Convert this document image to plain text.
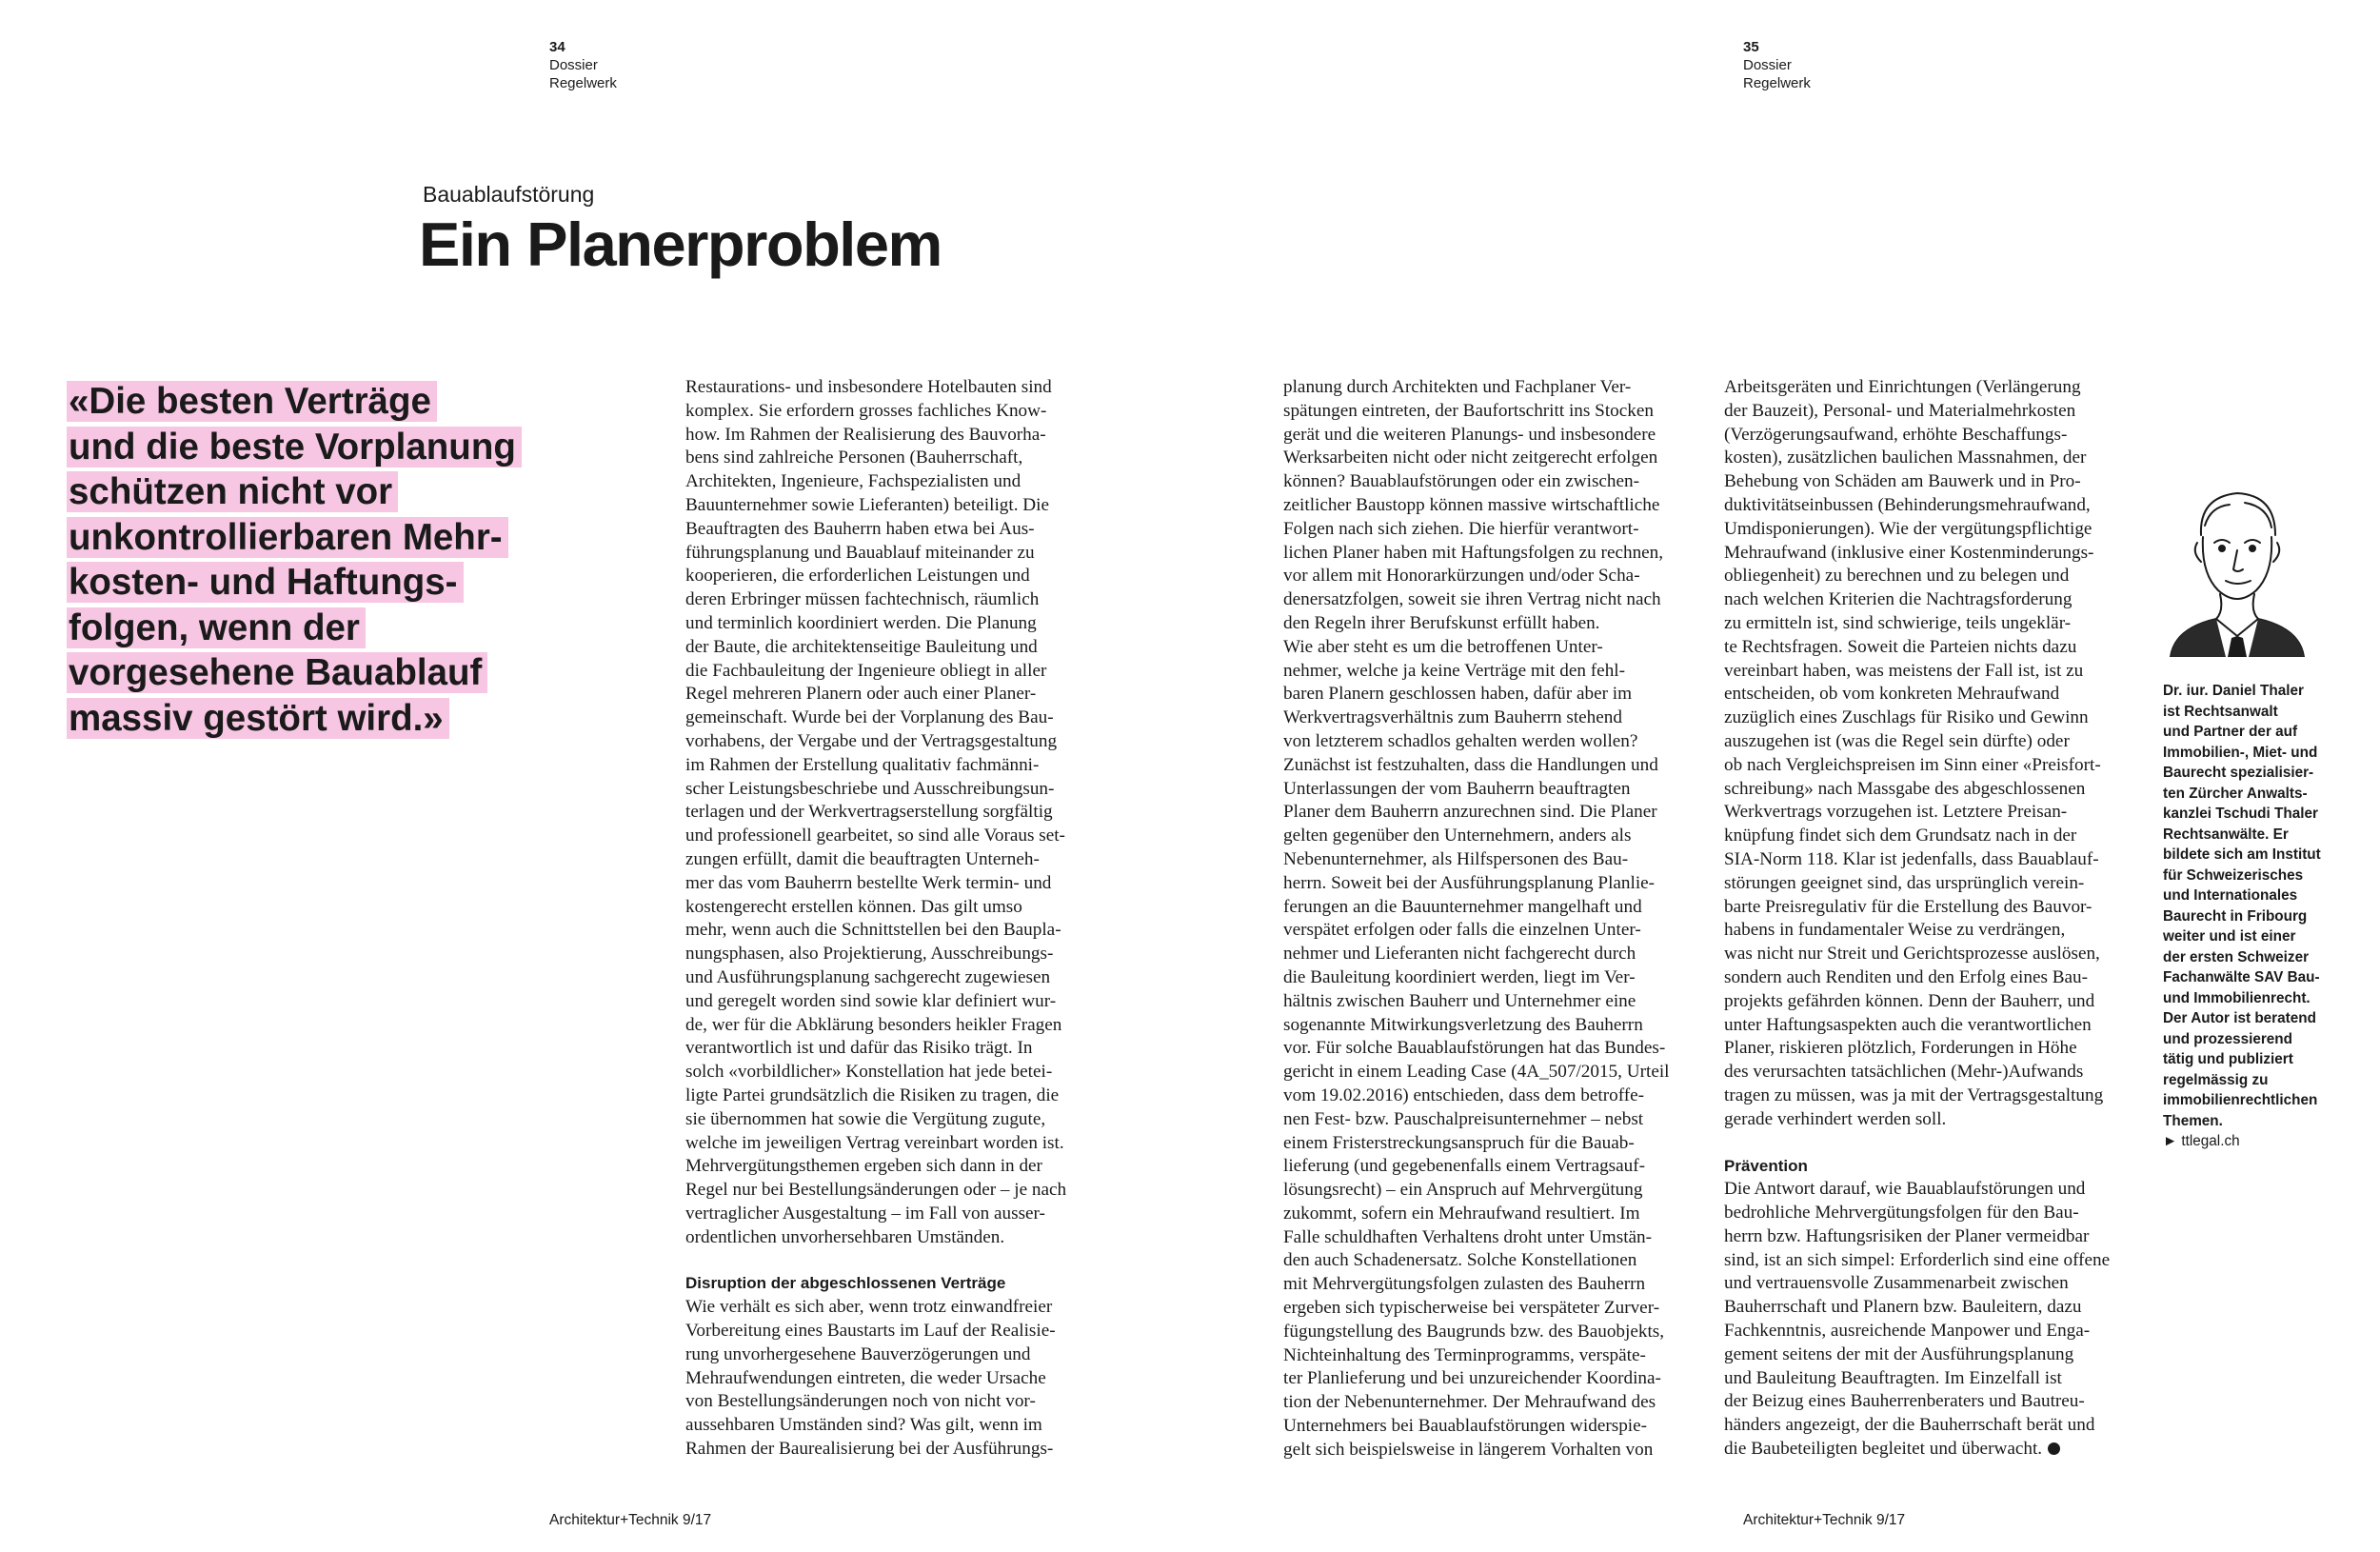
34
Dossier
Regelwerk
35
Dossier
Regelwerk
Bauablaufstörung
Ein Planerproblem
«Die besten Verträge
und die beste Vorplanung
schützen nicht vor
unkontrollierbaren Mehr-
kosten- und Haftungs-
folgen, wenn der
vorgesehene Bauablauf
massiv gestört wird.»

Restaurations- und insbesondere Hotelbauten sind

komplex. Sie erfordern grosses fachliches Know-

how. Im Rahmen der Realisierung des Bauvorha-

bens sind zahlreiche Personen (Bauherrschaft,

Architekten, Ingenieure, Fachspezialisten und

Bauunternehmer sowie Lieferanten) beteiligt. Die

Beauftragten des Bauherrn haben etwa bei Aus-

führungsplanung und Bauablauf miteinander zu

kooperieren, die erforderlichen Leistungen und

deren Erbringer müssen fachtechnisch, räumlich

und terminlich koordiniert werden. Die Planung

der Baute, die architektenseitige Bauleitung und

die Fachbauleitung der Ingenieure obliegt in aller

Regel mehreren Planern oder auch einer Planer-

gemeinschaft. Wurde bei der Vorplanung des Bau-

vorhabens, der Vergabe und der Vertragsgestaltung

im Rahmen der Erstellung qualitativ fachmänni-

scher Leistungsbeschriebe und Ausschreibungsun-

terlagen und der Werkvertragserstellung sorgfältig

und professionell gearbeitet, so sind alle Voraus set-

zungen erfüllt, damit die beauftragten Unterneh-

mer das vom Bauherrn bestellte Werk termin- und

kostengerecht erstellen können. Das gilt umso

mehr, wenn auch die Schnittstellen bei den Baupla-

nungsphasen, also Projektierung, Ausschreibungs-

und Ausführungsplanung sachgerecht zugewiesen

und geregelt worden sind sowie klar definiert wur-

de, wer für die Abklärung besonders heikler Fragen

verantwortlich ist und dafür das Risiko trägt. In

solch «vorbildlicher» Konstellation hat jede betei-

ligte Partei grundsätzlich die Risiken zu tragen, die

sie übernommen hat sowie die Vergütung zugute,

welche im jeweiligen Vertrag vereinbart worden ist.

Mehrvergütungsthemen ergeben sich dann in der

Regel nur bei Bestellungsänderungen oder – je nach

vertraglicher Ausgestaltung – im Fall von ausser-

ordentlichen unvorhersehbaren Umständen.

Disruption der abgeschlossenen Verträge

Wie verhält es sich aber, wenn trotz einwandfreier

Vorbereitung eines Baustarts im Lauf der Realisie-

rung unvorhergesehene Bauverzögerungen und

Mehraufwendungen eintreten, die weder Ursache

von Bestellungsänderungen noch von nicht vor-

aussehbaren Umständen sind? Was gilt, wenn im

Rahmen der Baurealisierung bei der Ausführungs-

planung durch Architekten und Fachplaner Ver-

spätungen eintreten, der Baufortschritt ins Stocken

gerät und die weiteren Planungs- und insbesondere

Werksarbeiten nicht oder nicht zeitgerecht erfolgen

können? Bauablaufstörungen oder ein zwischen-

zeitlicher Baustopp können massive wirtschaftliche

Folgen nach sich ziehen. Die hierfür verantwort-

lichen Planer haben mit Haftungsfolgen zu rechnen,

vor allem mit Honorarkürzungen und/oder Scha-

denersatzfolgen, soweit sie ihren Vertrag nicht nach

den Regeln ihrer Berufskunst erfüllt haben.

Wie aber steht es um die betroffenen Unter-

nehmer, welche ja keine Verträge mit den fehl-

baren Planern geschlossen haben, dafür aber im

Werkvertragsverhältnis zum Bauherrn stehend

von letzterem schadlos gehalten werden wollen?

Zunächst ist festzuhalten, dass die Handlungen und

Unterlassungen der vom Bauherrn beauftragten

Planer dem Bauherrn anzurechnen sind. Die Planer

gelten gegenüber den Unternehmern, anders als

Nebenunternehmer, als Hilfspersonen des Bau-

herrn. Soweit bei der Ausführungsplanung Planlie-

ferungen an die Bauunternehmer mangelhaft und

verspätet erfolgen oder falls die einzelnen Unter-

nehmer und Lieferanten nicht fachgerecht durch

die Bauleitung koordiniert werden, liegt im Ver-

hältnis zwischen Bauherr und Unternehmer eine

sogenannte Mitwirkungsverletzung des Bauherrn

vor. Für solche Bauablaufstörungen hat das Bundes-

gericht in einem Leading Case (4A_507/2015, Urteil

vom 19.02.2016) entschieden, dass dem betroffe-

nen Fest- bzw. Pauschalpreisunternehmer – nebst

einem Fristerstreckungsanspruch für die Bauab-

lieferung (und gegebenenfalls einem Vertragsauf-

lösungsrecht) – ein Anspruch auf Mehrvergütung

zukommt, sofern ein Mehraufwand resultiert. Im

Falle schuldhaften Verhaltens droht unter Umstän-

den auch Schadenersatz. Solche Konstellationen

mit Mehrvergütungsfolgen zulasten des Bauherrn

ergeben sich typischerweise bei verspäteter Zurver-

fügungstellung des Baugrunds bzw. des Bauobjekts,

Nichteinhaltung des Terminprogramms, verspäte-

ter Planlieferung und bei unzureichender Koordina-

tion der Nebenunternehmer. Der Mehraufwand des

Unternehmers bei Bauablaufstörungen widerspie-

gelt sich beispielsweise in längerem Vorhalten von

Arbeitsgeräten und Einrichtungen (Verlängerung

der Bauzeit), Personal- und Materialmehrkosten

(Verzögerungsaufwand, erhöhte Beschaffungs-

kosten), zusätzlichen baulichen Massnahmen, der

Behebung von Schäden am Bauwerk und in Pro-

duktivitätseinbussen (Behinderungsmehraufwand,

Umdisponierungen). Wie der vergütungspflichtige

Mehraufwand (inklusive einer Kostenminderungs-

obliegenheit) zu berechnen und zu belegen und

nach welchen Kriterien die Nachtragsforderung

zu ermitteln ist, sind schwierige, teils ungeklär-

te Rechtsfragen. Soweit die Parteien nichts dazu

vereinbart haben, was meistens der Fall ist, ist zu

entscheiden, ob vom konkreten Mehraufwand

zuzüglich eines Zuschlags für Risiko und Gewinn

auszugehen ist (was die Regel sein dürfte) oder

ob nach Vergleichspreisen im Sinn einer «Preisfort-

schreibung» nach Massgabe des abgeschlossenen

Werkvertrags vorzugehen ist. Letztere Preisan-

knüpfung findet sich dem Grundsatz nach in der

SIA-Norm 118. Klar ist jedenfalls, dass Bauablauf-

störungen geeignet sind, das ursprünglich verein-

barte Preisregulativ für die Erstellung des Bauvor-

habens in fundamentaler Weise zu verdrängen,

was nicht nur Streit und Gerichtsprozesse auslösen,

sondern auch Renditen und den Erfolg eines Bau-

projekts gefährden können. Denn der Bauherr, und

unter Haftungsaspekten auch die verantwortlichen

Planer, riskieren plötzlich, Forderungen in Höhe

des verursachten tatsächlichen (Mehr-)Aufwands

tragen zu müssen, was ja mit der Vertragsgestaltung

gerade verhindert werden soll.

Prävention

Die Antwort darauf, wie Bauablaufstörungen und

bedrohliche Mehrvergütungsfolgen für den Bau-

herrn bzw. Haftungsrisiken der Planer vermeidbar

sind, ist an sich simpel: Erforderlich sind eine offene

und vertrauensvolle Zusammenarbeit zwischen

Bauherrschaft und Planern bzw. Bauleitern, dazu

Fachkenntnis, ausreichende Manpower und Enga-

gement seitens der mit der Ausführungsplanung

und Bauleitung Beauftragten. Im Einzelfall ist

der Beizug eines Bauherrenberaters und Bautreu-

händers angezeigt, der die Bauherrschaft berät und

die Baubeteiligten begleitet und überwacht.

Dr. iur. Daniel Thaler

ist Rechtsanwalt

und Partner der auf

Immobilien-, Miet- und

Baurecht spezialisier-

ten Zürcher Anwalts-

kanzlei Tschudi Thaler

Rechtsanwälte. Er

bildete sich am Institut

für Schweizerisches

und Internationales

Baurecht in Fribourg

weiter und ist einer

der ersten Schweizer

Fachanwälte SAV Bau-

und Immobilienrecht.

Der Autor ist beratend

und prozessierend

tätig und publiziert

regelmässig zu

immobilienrechtlichen

Themen.

► ttlegal.ch

Architektur+Technik 9/17	Architektur+Technik 9/17
